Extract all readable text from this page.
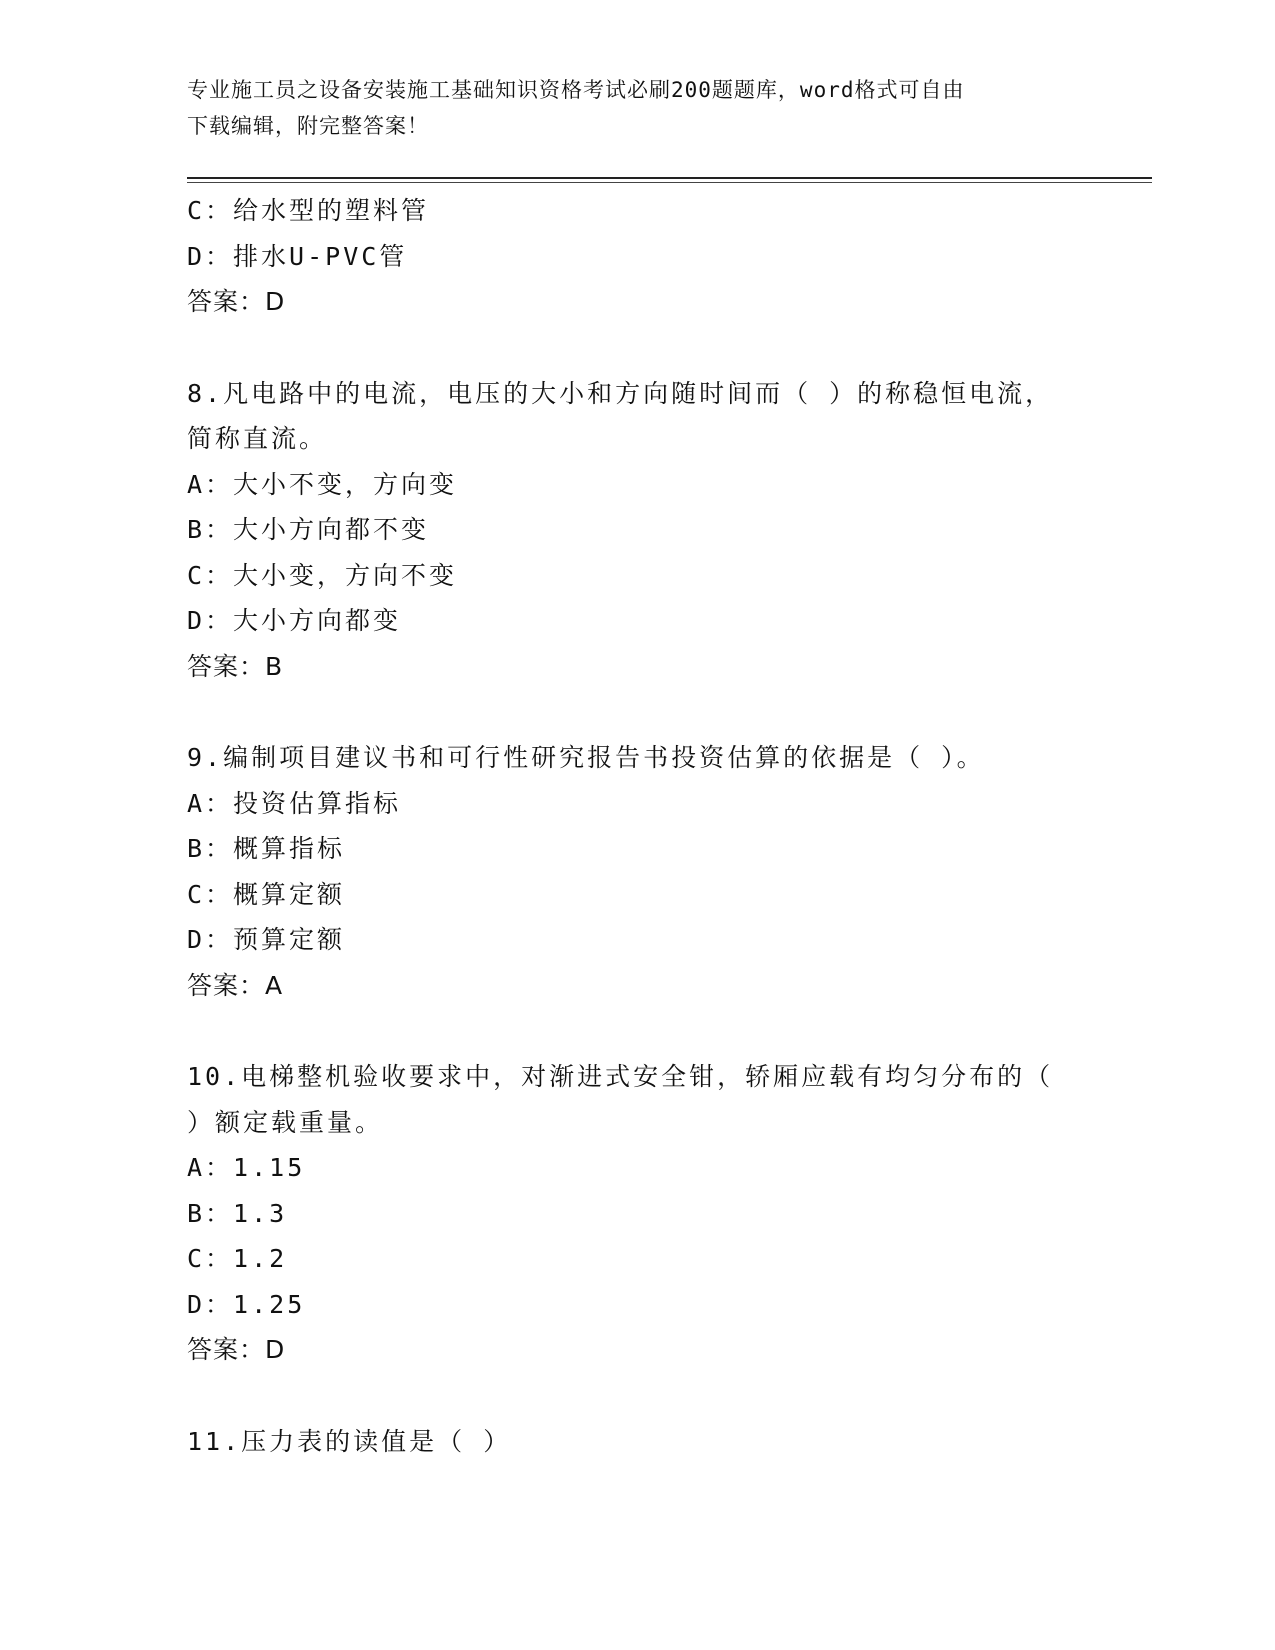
专业施工员之设备安装施工基础知识资格考试必刷200题题库，word格式可自由
下载编辑，附完整答案！
C：给水型的塑料管
D：排水U-PVC管
答案：D
8.凡电路中的电流，电压的大小和方向随时间而（ ）的称稳恒电流，
简称直流。
A：大小不变，方向变
B：大小方向都不变
C：大小变，方向不变
D：大小方向都变
答案：B
9.编制项目建议书和可行性研究报告书投资估算的依据是（ ）。
A：投资估算指标
B：概算指标
C：概算定额
D：预算定额
答案：A
10.电梯整机验收要求中，对渐进式安全钳，轿厢应载有均匀分布的（
）额定载重量。
A：1.15
B：1.3
C：1.2
D：1.25
答案：D
11.压力表的读值是（ ）
